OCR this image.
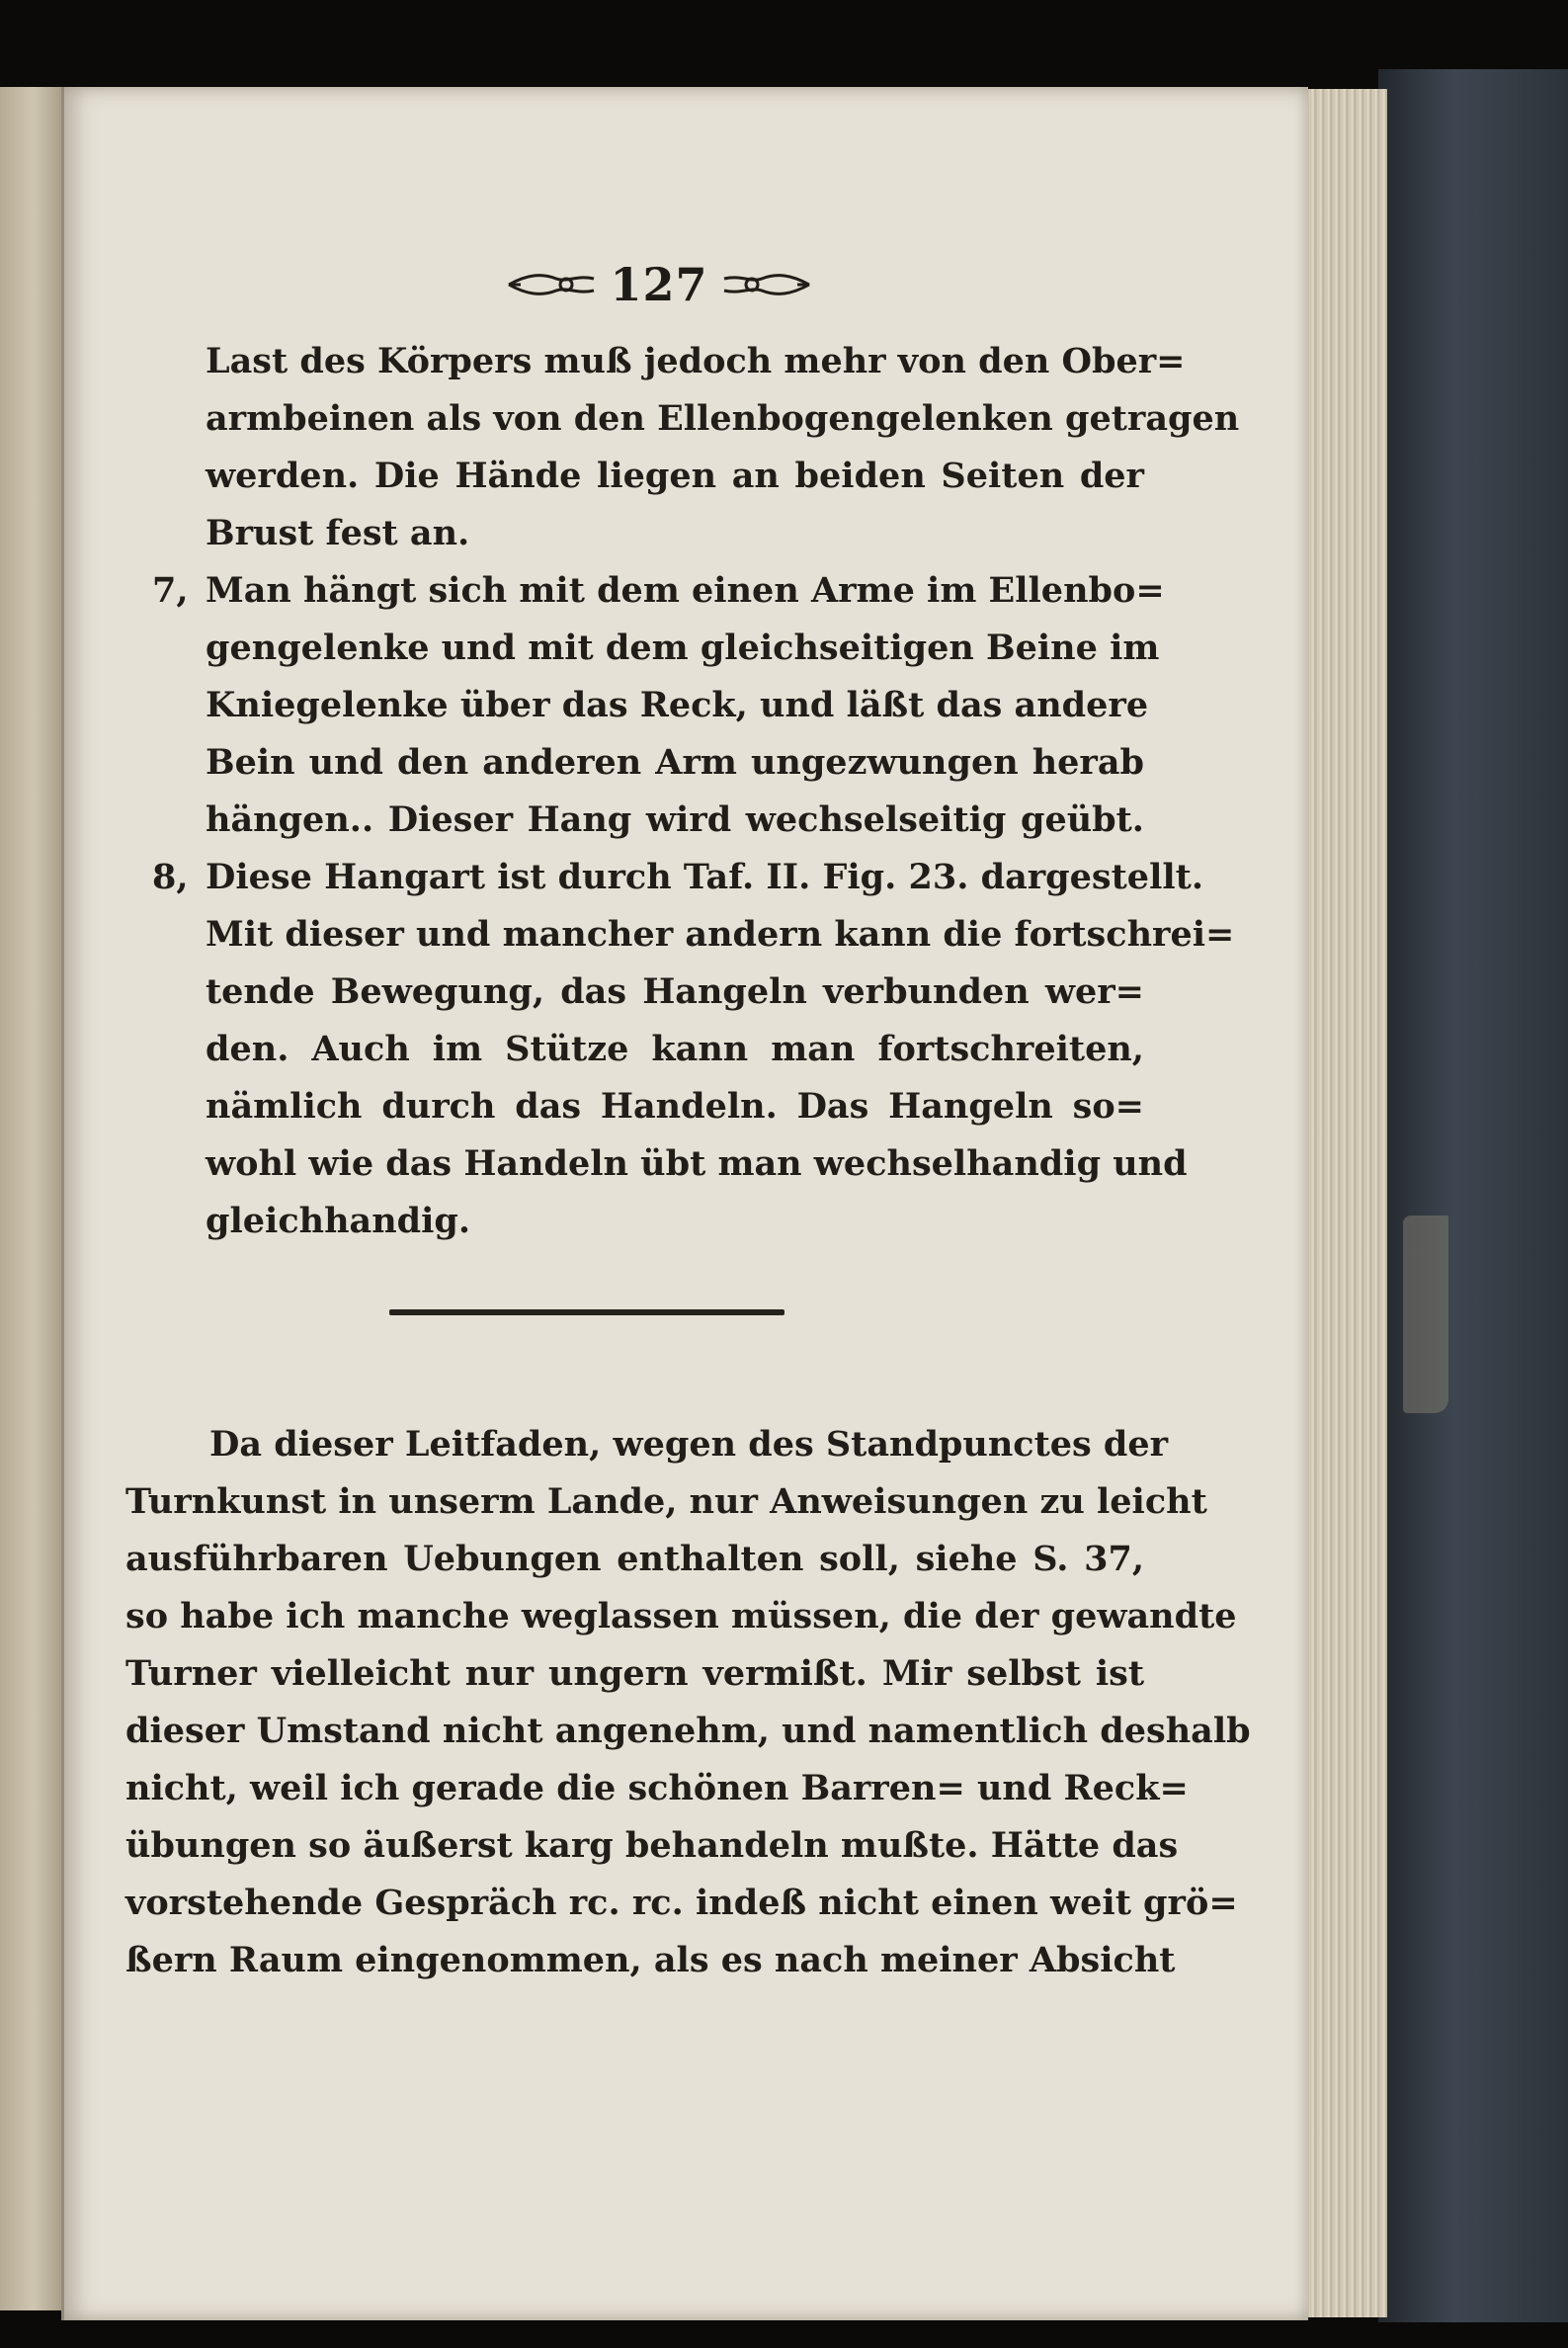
127
Last des Körpers muß jedoch mehr von den Ober=
armbeinen als von den Ellenbogengelenken getragen
werden. Die Hände liegen an beiden Seiten der
Brust fest an.
7, Man hängt sich mit dem einen Arme im Ellenbo=
gengelenke und mit dem gleichseitigen Beine im
Kniegelenke über das Reck, und läßt das andere
Bein und den anderen Arm ungezwungen herab
hängen.. Dieser Hang wird wechselseitig geübt.
8, Diese Hangart ist durch Taf. II. Fig. 23. dargestellt.
Mit dieser und mancher andern kann die fortschrei=
tende Bewegung, das Hangeln verbunden wer=
den. Auch im Stütze kann man fortschreiten,
nämlich durch das Handeln. Das Hangeln so=
wohl wie das Handeln übt man wechselhandig und
gleichhandig.
Da dieser Leitfaden, wegen des Standpunctes der
Turnkunst in unserm Lande, nur Anweisungen zu leicht
ausführbaren Uebungen enthalten soll, siehe S. 37,
so habe ich manche weglassen müssen, die der gewandte
Turner vielleicht nur ungern vermißt. Mir selbst ist
dieser Umstand nicht angenehm, und namentlich deshalb
nicht, weil ich gerade die schönen Barren= und Reck=
übungen so äußerst karg behandeln mußte. Hätte das
vorstehende Gespräch rc. rc. indeß nicht einen weit grö=
ßern Raum eingenommen, als es nach meiner Absicht
